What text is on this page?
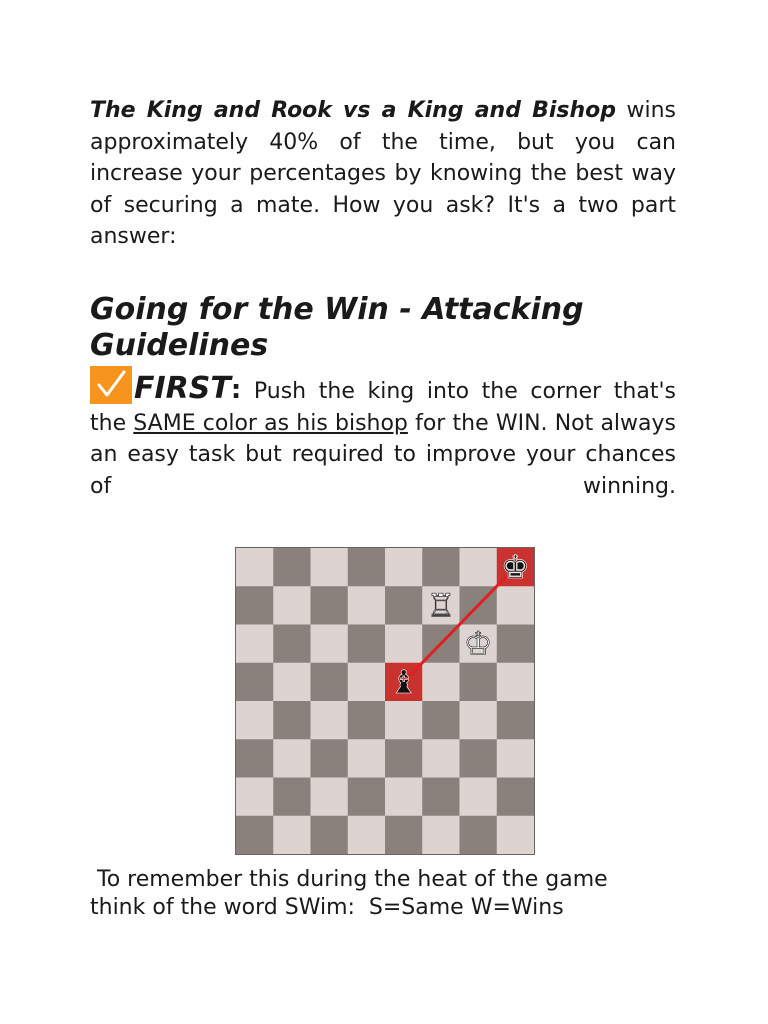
The King and Rook vs a King and Bishop wins approximately 40% of the time, but you can increase your percentages by knowing the best way of securing a mate. How you ask? It's a two part answer:

Going for the Win - Attacking Guidelines

FIRST: Push the king into the corner that's the SAME color as his bishop for the WIN. Not always an easy task but required to improve your chances of winning.

♚
♖
♔
♝

To remember this during the heat of the game
think of the word SWim:  S=Same W=Wins
